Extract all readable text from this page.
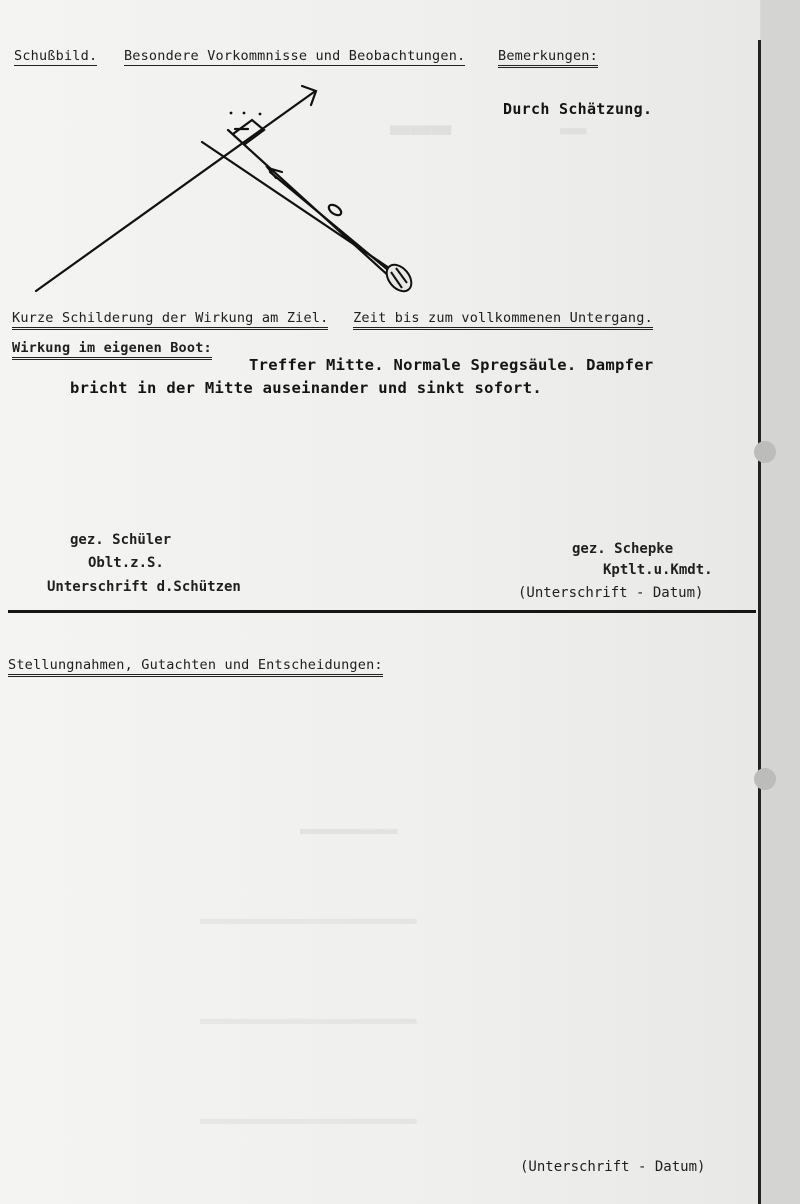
▬▬▬	▬▬
▬▬▬▬▬▬▬▬▬
▬▬▬▬▬▬▬▬▬▬▬▬▬▬▬▬▬▬▬▬
▬▬▬▬▬▬▬▬▬▬▬▬▬▬▬▬▬▬▬▬
▬▬▬▬▬▬▬▬▬▬▬▬▬▬▬▬▬▬▬▬
Schußbild. Besondere Vorkommnisse und Beobachtungen. Bemerkungen:
Durch Schätzung.
Kurze Schilderung der Wirkung am Ziel. Zeit bis zum vollkommenen Untergang.
Wirkung im eigenen Boot:
Treffer Mitte. Normale Spregsäule. Dampfer
bricht in der Mitte auseinander und sinkt sofort.
gez. Schüler
Oblt.z.S.
Unterschrift d.Schützen
gez. Schepke
Kptlt.u.Kmdt.
(Unterschrift - Datum)
Stellungnahmen, Gutachten und Entscheidungen:
(Unterschrift - Datum)
